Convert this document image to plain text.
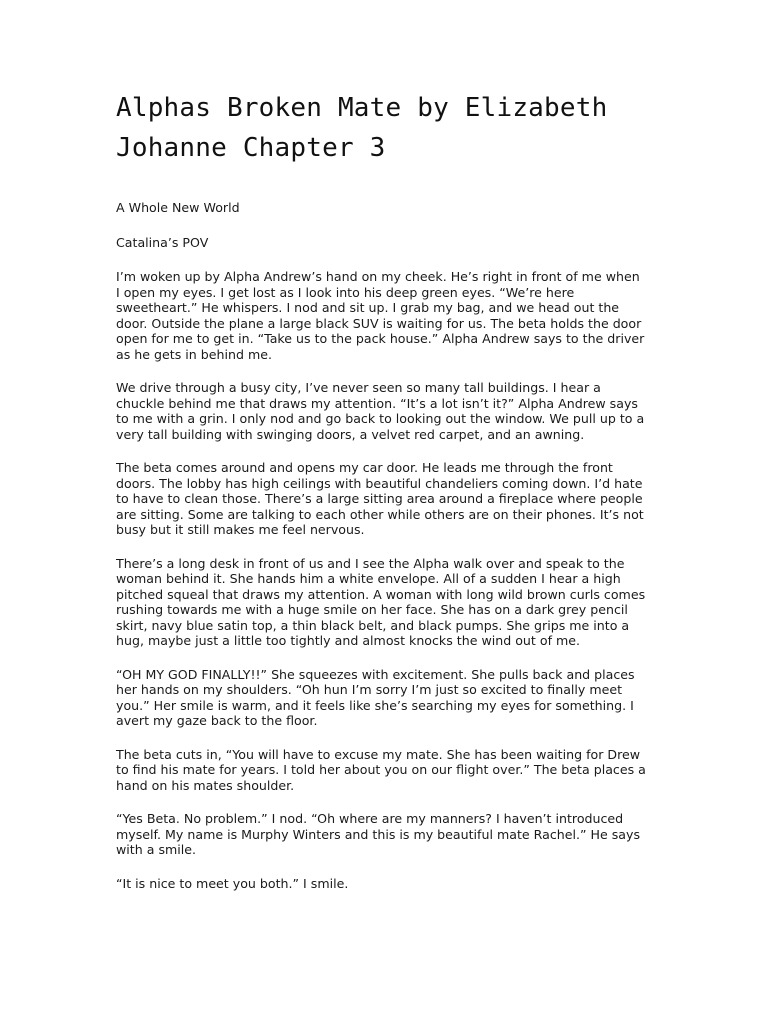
Alphas Broken Mate by Elizabeth Johanne Chapter 3

A Whole New World

Catalina’s POV

I’m woken up by Alpha Andrew’s hand on my cheek. He’s right in front of me when I open my eyes. I get lost as I look into his deep green eyes. “We’re here sweetheart.” He whispers. I nod and sit up. I grab my bag, and we head out the door. Outside the plane a large black SUV is waiting for us. The beta holds the door open for me to get in. “Take us to the pack house.” Alpha Andrew says to the driver as he gets in behind me.

We drive through a busy city, I’ve never seen so many tall buildings. I hear a chuckle behind me that draws my attention. “It’s a lot isn’t it?” Alpha Andrew says to me with a grin. I only nod and go back to looking out the window. We pull up to a very tall building with swinging doors, a velvet red carpet, and an awning.

The beta comes around and opens my car door. He leads me through the front doors. The lobby has high ceilings with beautiful chandeliers coming down. I’d hate to have to clean those. There’s a large sitting area around a fireplace where people are sitting. Some are talking to each other while others are on their phones. It’s not busy but it still makes me feel nervous.

There’s a long desk in front of us and I see the Alpha walk over and speak to the woman behind it. She hands him a white envelope. All of a sudden I hear a high pitched squeal that draws my attention. A woman with long wild brown curls comes rushing towards me with a huge smile on her face. She has on a dark grey pencil skirt, navy blue satin top, a thin black belt, and black pumps. She grips me into a hug, maybe just a little too tightly and almost knocks the wind out of me.

“OH MY GOD FINALLY!!” She squeezes with excitement. She pulls back and places her hands on my shoulders. “Oh hun I’m sorry I’m just so excited to finally meet you.” Her smile is warm, and it feels like she’s searching my eyes for something. I avert my gaze back to the floor.

The beta cuts in, “You will have to excuse my mate. She has been waiting for Drew to find his mate for years. I told her about you on our flight over.” The beta places a hand on his mates shoulder.

“Yes Beta. No problem.” I nod. “Oh where are my manners? I haven’t introduced myself. My name is Murphy Winters and this is my beautiful mate Rachel.” He says with a smile.

“It is nice to meet you both.” I smile.
